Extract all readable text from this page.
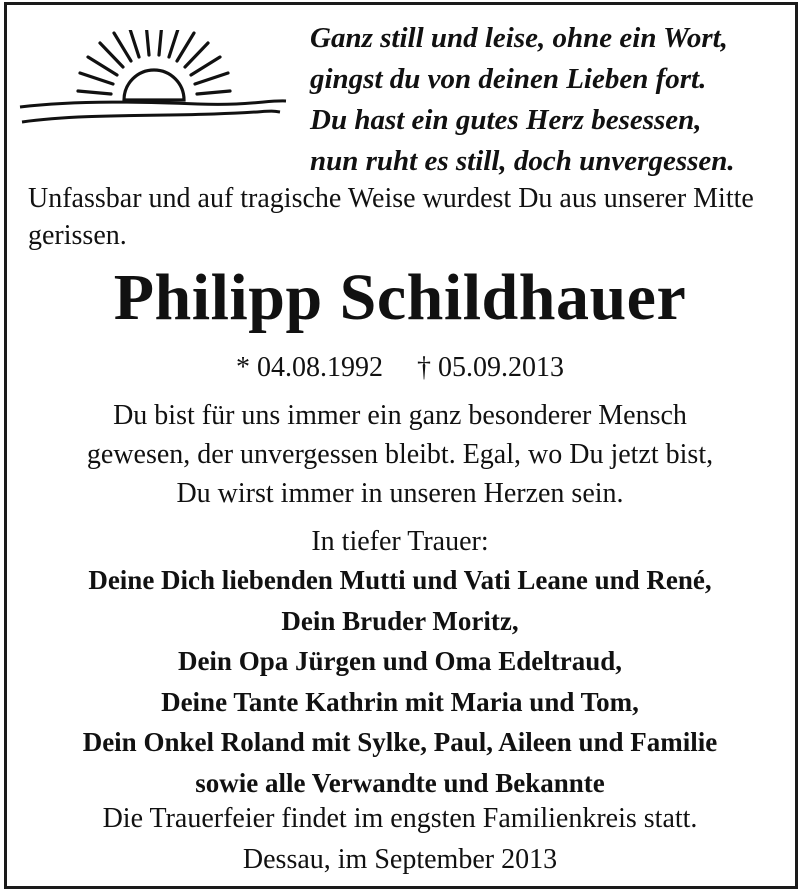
Ganz still und leise, ohne ein Wort,
gingst du von deinen Lieben fort.
Du hast ein gutes Herz besessen,
nun ruht es still, doch unvergessen.
Unfassbar und auf tragische Weise wurdest Du aus unserer Mitte gerissen.
Philipp Schildhauer
* 04.08.1992 † 05.09.2013
Du bist für uns immer ein ganz besonderer Mensch
gewesen, der unvergessen bleibt. Egal, wo Du jetzt bist,
Du wirst immer in unseren Herzen sein.
In tiefer Trauer:
Deine Dich liebenden Mutti und Vati Leane und René,
Dein Bruder Moritz,
Dein Opa Jürgen und Oma Edeltraud,
Deine Tante Kathrin mit Maria und Tom,
Dein Onkel Roland mit Sylke, Paul, Aileen und Familie
sowie alle Verwandte und Bekannte
Die Trauerfeier findet im engsten Familienkreis statt.
Dessau, im September 2013
